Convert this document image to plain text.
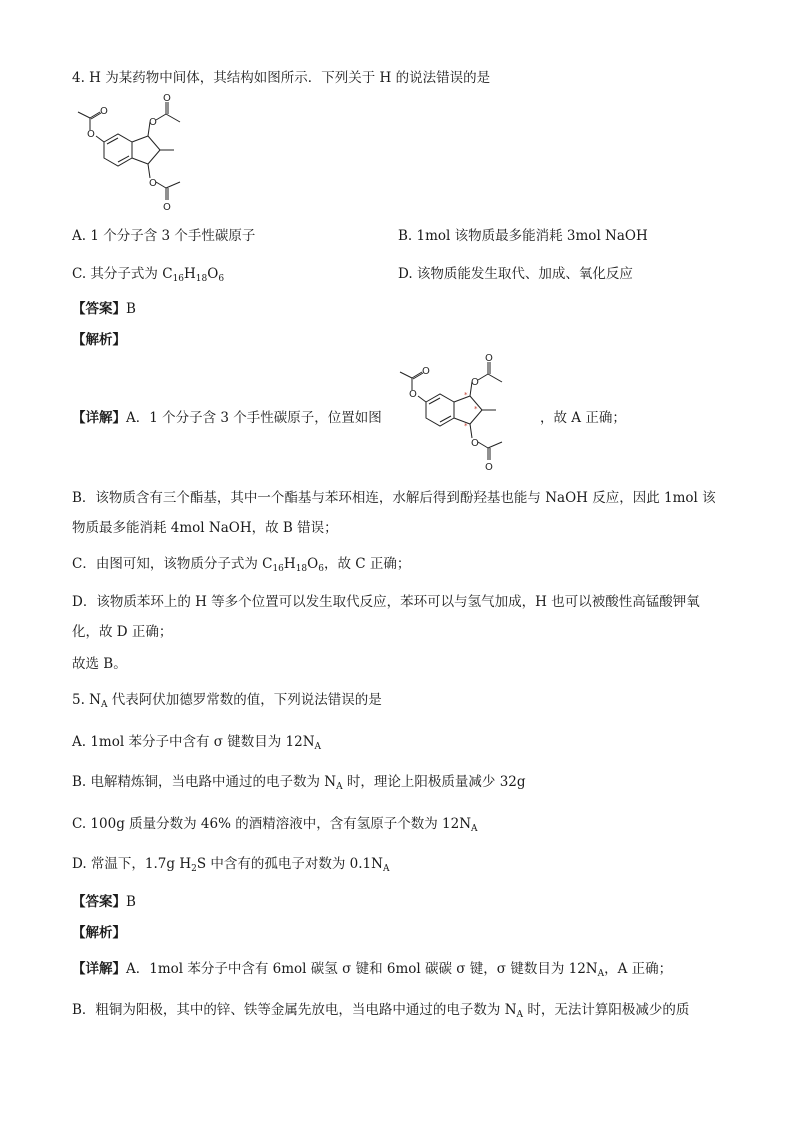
4. H 为某药物中间体，其结构如图所示．下列关于 H 的说法错误的是
O
O
O
O
O
O
A. 1 个分子含 3 个手性碳原子	B. 1mol 该物质最多能消耗 3mol NaOH
C. 其分子式为 $C_{16}H_{18}O_6$	D. 该物质能发生取代、加成、氧化反应
【答案】B
【解析】
【详解】A．1 个分子含 3 个手性碳原子，位置如图
*
*
*
O
O
O
O
O
O
，故 A 正确；
B．该物质含有三个酯基，其中一个酯基与苯环相连，水解后得到酚羟基也能与 NaOH 反应，因此 1mol 该
物质最多能消耗 4mol NaOH，故 B 错误；
C．由图可知，该物质分子式为 $C_{16}H_{18}O_6$，故 C 正确；
D．该物质苯环上的 H 等多个位置可以发生取代反应，苯环可以与氢气加成，H 也可以被酸性高锰酸钾氧
化，故 D 正确；
故选 B。
5. $N_A$ 代表阿伏加德罗常数的值，下列说法错误的是
A. 1mol 苯分子中含有 σ 键数目为 $12N_A$
B. 电解精炼铜，当电路中通过的电子数为 $N_A$ 时，理论上阳极质量减少 32g
C. 100g 质量分数为 46% 的酒精溶液中，含有氢原子个数为 $12N_A$
D. 常温下，1.7g $H_2S$ 中含有的孤电子对数为 $0.1N_A$
【答案】B
【解析】
【详解】A．1mol 苯分子中含有 6mol 碳氢 σ 键和 6mol 碳碳 σ 键，σ 键数目为 $12N_A$，A 正确；
B．粗铜为阳极，其中的锌、铁等金属先放电，当电路中通过的电子数为 $N_A$ 时，无法计算阳极减少的质
